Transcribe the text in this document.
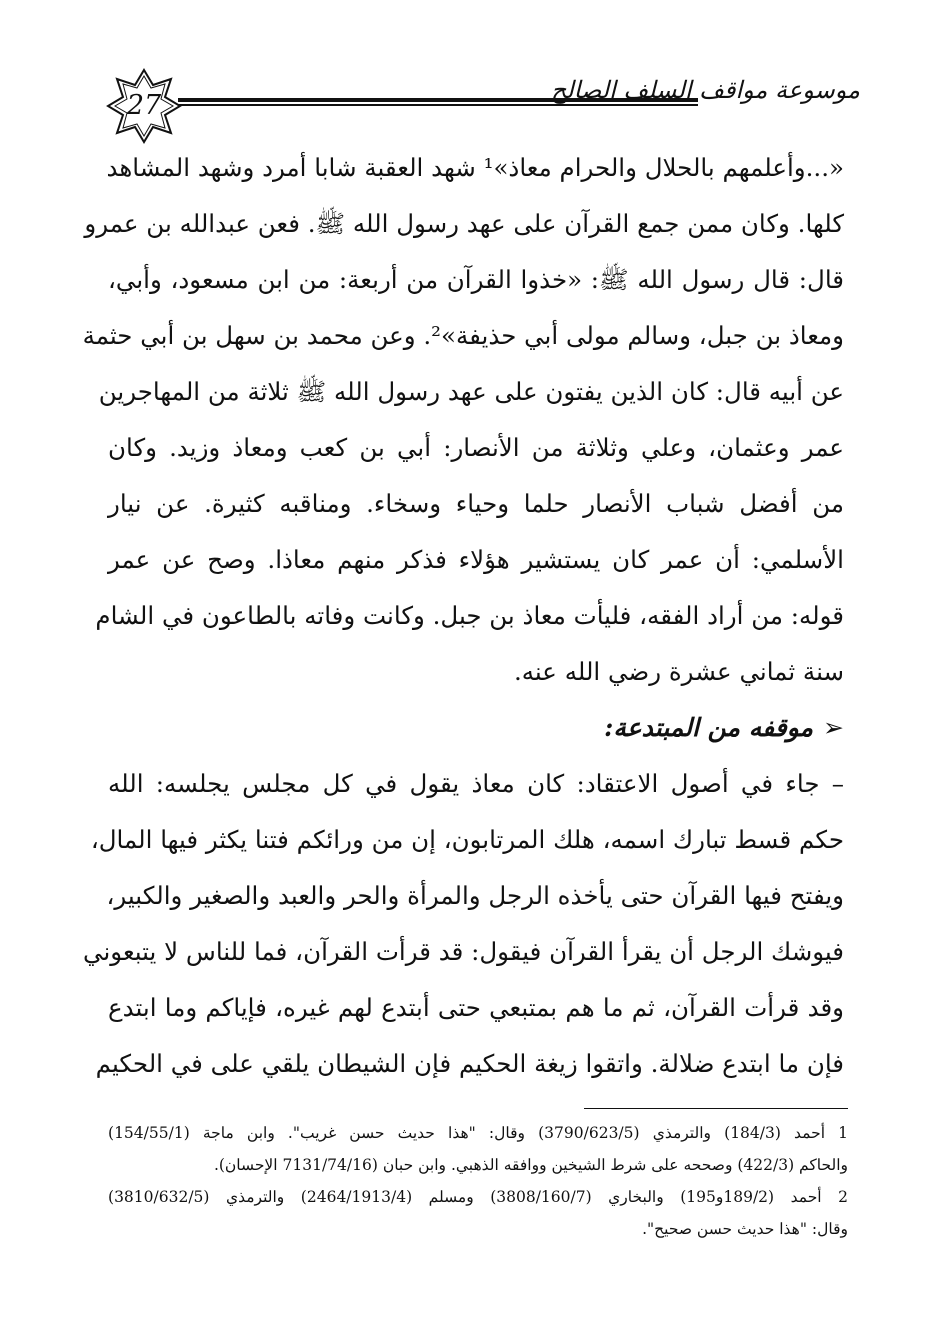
27	موسوعة مواقف السلف الصالح
«...وأعلمهم بالحلال والحرام معاذ»¹ شهد العقبة شابا أمرد وشهد المشاهد
كلها. وكان ممن جمع القرآن على عهد رسول الله ﷺ. فعن عبدالله بن عمرو
قال: قال رسول الله ﷺ: «خذوا القرآن من أربعة: من ابن مسعود، وأبي،
ومعاذ بن جبل، وسالم مولى أبي حذيفة»². وعن محمد بن سهل بن أبي حثمة
عن أبيه قال: كان الذين يفتون على عهد رسول الله ﷺ ثلاثة من المهاجرين
عمر وعثمان، وعلي وثلاثة من الأنصار: أبي بن كعب ومعاذ وزيد. وكان
من أفضل شباب الأنصار حلما وحياء وسخاء. ومناقبه كثيرة. عن نيار
الأسلمي: أن عمر كان يستشير هؤلاء فذكر منهم معاذا. وصح عن عمر
قوله: من أراد الفقه، فليأت معاذ بن جبل. وكانت وفاته بالطاعون في الشام
سنة ثماني عشرة رضي الله عنه.
➢موقفه من المبتدعة:
– جاء في أصول الاعتقاد: كان معاذ يقول في كل مجلس يجلسه: الله
حكم قسط تبارك اسمه، هلك المرتابون، إن من ورائكم فتنا يكثر فيها المال،
ويفتح فيها القرآن حتى يأخذه الرجل والمرأة والحر والعبد والصغير والكبير،
فيوشك الرجل أن يقرأ القرآن فيقول: قد قرأت القرآن، فما للناس لا يتبعوني
وقد قرأت القرآن، ثم ما هم بمتبعي حتى أبتدع لهم غيره، فإياكم وما ابتدع
فإن ما ابتدع ضلالة. واتقوا زيغة الحكيم فإن الشيطان يلقي على في الحكيم
1 أحمد (184/3) والترمذي (3790/623/5) وقال: "هذا حديث حسن غريب". وابن ماجة (154/55/1)
والحاكم (422/3) وصححه على شرط الشيخين ووافقه الذهبي. وابن حبان (7131/74/16 الإحسان).
2 أحمد (189/2و195) والبخاري (3808/160/7) ومسلم (2464/1913/4) والترمذي (3810/632/5)
وقال: "هذا حديث حسن صحيح".
